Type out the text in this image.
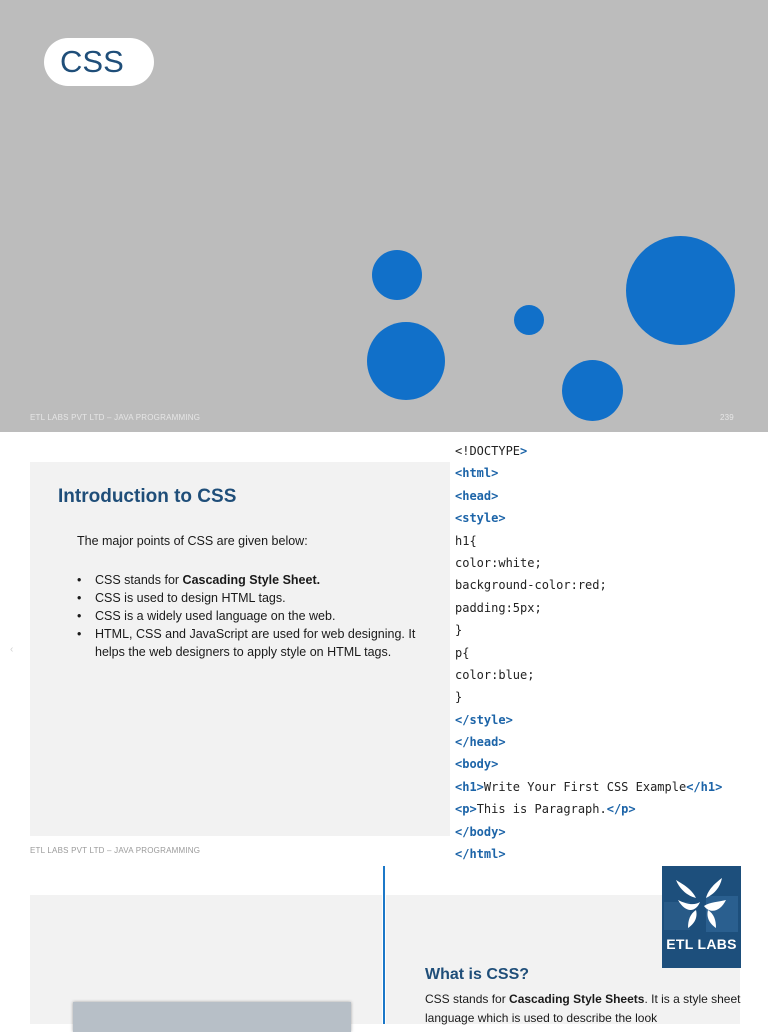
CSS
ETL LABS PVT LTD – JAVA PROGRAMMING	239
Introduction to CSS
The major points of CSS are given below:
• CSS stands for Cascading Style Sheet.
• CSS is used to design HTML tags.
• CSS is a widely used language on the web.
• HTML, CSS and JavaScript are used for web designing. It helps the web designers to apply style on HTML tags.
‹
ETL LABS PVT LTD – JAVA PROGRAMMING
<!DOCTYPE>
<html>
<head>
<style>
h1{
color:white;
background-color:red;
padding:5px;
}
p{
color:blue;
}
</style>
</head>
<body>
<h1>Write Your First CSS Example</h1>
<p>This is Paragraph.</p>
</body>
</html>
ETL LABS
What is CSS?
CSS stands for Cascading Style Sheets. It is a style sheet language which is used to describe the look
